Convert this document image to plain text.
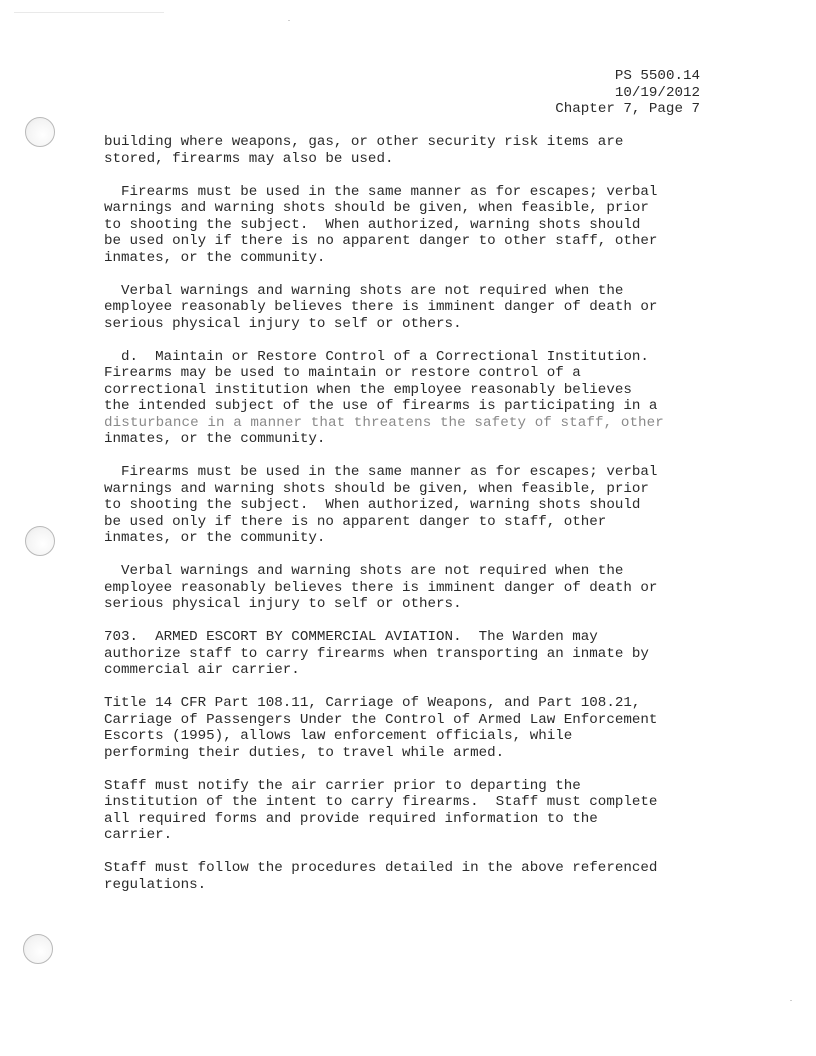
PS 5500.14
10/19/2012
Chapter 7, Page 7

building where weapons, gas, or other security risk items are
stored, firearms may also be used.

Firearms must be used in the same manner as for escapes; verbal
warnings and warning shots should be given, when feasible, prior
to shooting the subject.  When authorized, warning shots should
be used only if there is no apparent danger to other staff, other
inmates, or the community.

Verbal warnings and warning shots are not required when the
employee reasonably believes there is imminent danger of death or
serious physical injury to self or others.

d.  Maintain or Restore Control of a Correctional Institution.
Firearms may be used to maintain or restore control of a
correctional institution when the employee reasonably believes
the intended subject of the use of firearms is participating in a
disturbance in a manner that threatens the safety of staff, other
inmates, or the community.

Firearms must be used in the same manner as for escapes; verbal
warnings and warning shots should be given, when feasible, prior
to shooting the subject.  When authorized, warning shots should
be used only if there is no apparent danger to staff, other
inmates, or the community.

Verbal warnings and warning shots are not required when the
employee reasonably believes there is imminent danger of death or
serious physical injury to self or others.

703.  ARMED ESCORT BY COMMERCIAL AVIATION.  The Warden may
authorize staff to carry firearms when transporting an inmate by
commercial air carrier.

Title 14 CFR Part 108.11, Carriage of Weapons, and Part 108.21,
Carriage of Passengers Under the Control of Armed Law Enforcement
Escorts (1995), allows law enforcement officials, while
performing their duties, to travel while armed.

Staff must notify the air carrier prior to departing the
institution of the intent to carry firearms.  Staff must complete
all required forms and provide required information to the
carrier.

Staff must follow the procedures detailed in the above referenced
regulations.
